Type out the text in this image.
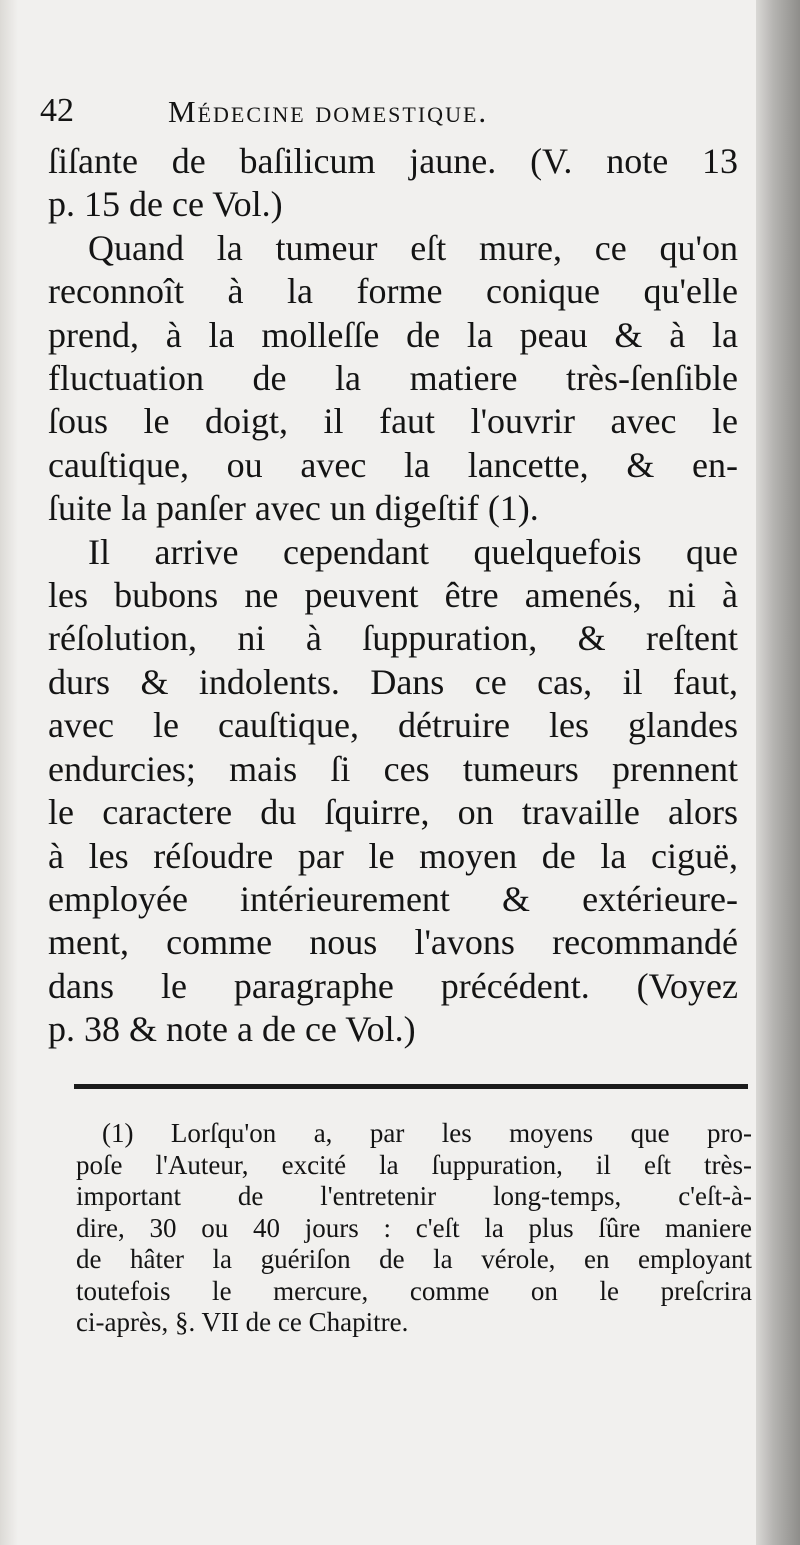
42	Médecine domestique.
ſiſante de baſilicum jaune. (V. note 13
p. 15 de ce Vol.)
Quand la tumeur eſt mure, ce qu'on
reconnoît à la forme conique qu'elle
prend, à la molleſſe de la peau & à la
fluctuation de la matiere très-ſenſible
ſous le doigt, il faut l'ouvrir avec le
cauſtique, ou avec la lancette, & en-
ſuite la panſer avec un digeſtif (1).
Il arrive cependant quelquefois que
les bubons ne peuvent être amenés, ni à
réſolution, ni à ſuppuration, & reſtent
durs & indolents. Dans ce cas, il faut,
avec le cauſtique, détruire les glandes
endurcies; mais ſi ces tumeurs prennent
le caractere du ſquirre, on travaille alors
à les réſoudre par le moyen de la ciguë,
employée intérieurement & extérieure-
ment, comme nous l'avons recommandé
dans le paragraphe précédent. (Voyez
p. 38 & note a de ce Vol.)
(1) Lorſqu'on a, par les moyens que pro-
poſe l'Auteur, excité la ſuppuration, il eſt très-
important de l'entretenir long-temps, c'eſt-à-
dire, 30 ou 40 jours : c'eſt la plus ſûre maniere
de hâter la guériſon de la vérole, en employant
toutefois le mercure, comme on le preſcrira
ci-après, §. VII de ce Chapitre.
